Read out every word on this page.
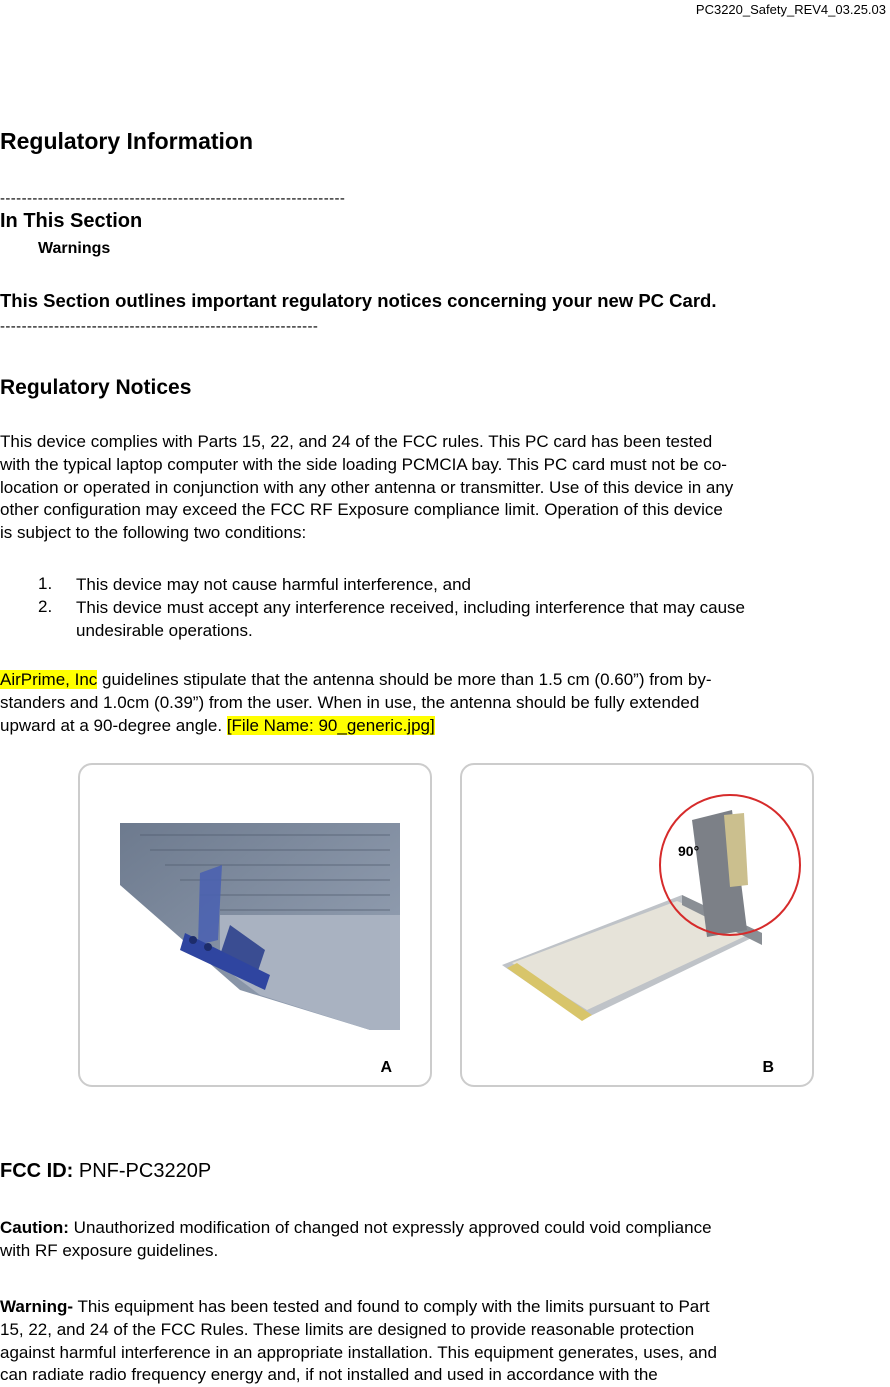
PC3220_Safety_REV4_03.25.03
Regulatory Information
----------------------------------------------------------------
In This Section
Warnings
This Section outlines important regulatory notices concerning your new PC Card.
-----------------------------------------------------------
Regulatory Notices
This device complies with Parts 15, 22, and 24 of the FCC rules. This PC card has been tested
with the typical laptop computer with the side loading PCMCIA bay. This PC card must not be co-
location or operated in conjunction with any other antenna or transmitter. Use of this device in any
other configuration may exceed the FCC RF Exposure compliance limit. Operation of this device
is subject to the following two conditions:
1. This device may not cause harmful interference, and
2. This device must accept any interference received, including interference that may cause
undesirable operations.
AirPrime, Inc guidelines stipulate that the antenna should be more than 1.5 cm (0.60”) from by-
standers and 1.0cm (0.39”) from the user. When in use, the antenna should be fully extended
upward at a 90-degree angle. [File Name: 90_generic.jpg]
A
90°
B
FCC ID: PNF-PC3220P
Caution: Unauthorized modification of changed not expressly approved could void compliance
with RF exposure guidelines.
Warning- This equipment has been tested and found to comply with the limits pursuant to Part
15, 22, and 24 of the FCC Rules. These limits are designed to provide reasonable protection
against harmful interference in an appropriate installation. This equipment generates, uses, and
can radiate radio frequency energy and, if not installed and used in accordance with the
